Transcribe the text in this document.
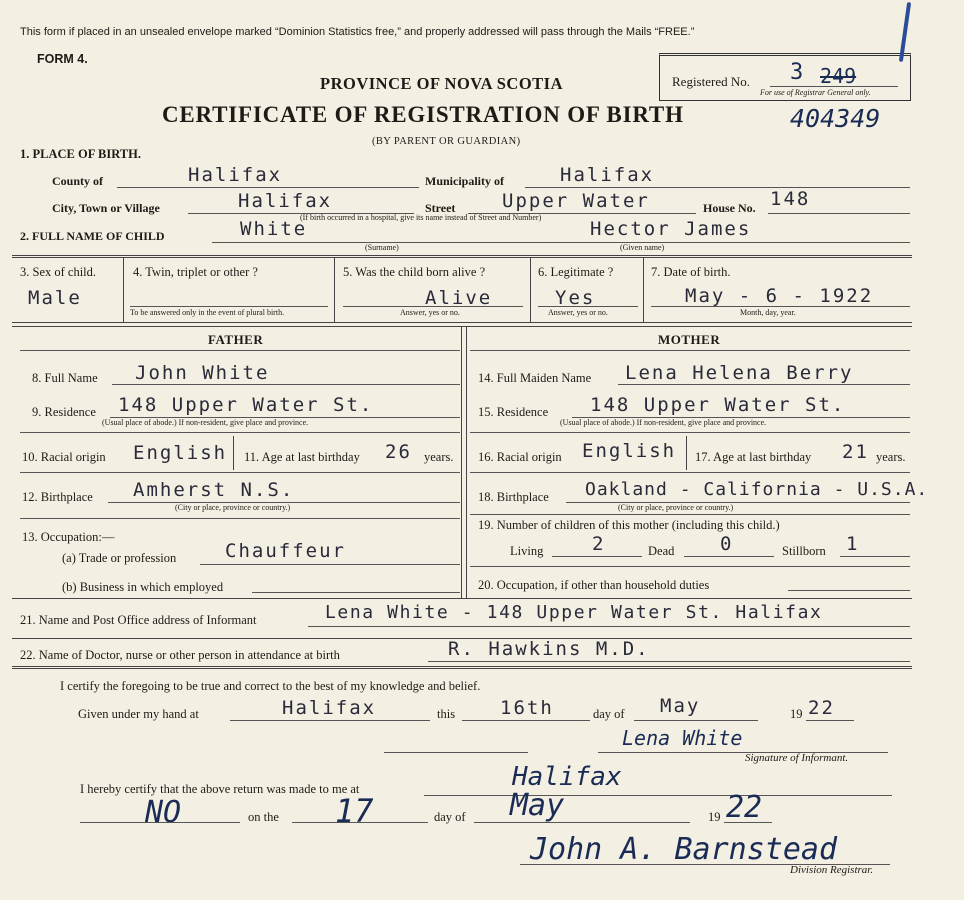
This form if placed in an unsealed envelope marked “Dominion Statistics free,” and properly addressed will pass through the Mails “FREE.”
FORM 4.
Registered No. 3 249
For use of Registrar General only.
PROVINCE OF NOVA SCOTIA
CERTIFICATE OF REGISTRATION OF BIRTH	404349
(BY PARENT OR GUARDIAN)
1. PLACE OF BIRTH.
County of	Halifax	Municipality of	Halifax
City, Town or Village	Halifax	Street Upper Water	House No. 148
(If birth occurred in a hospital, give its name instead of Street and Number)
2. FULL NAME OF CHILD	White	Hector James
(Surname)	(Given name)
3. Sex of child.
Male
4. Twin, triplet or other ?
To be answered only in the event of plural birth.
5. Was the child born alive ?
Alive
Answer, yes or no.
6. Legitimate ?
Yes
Answer, yes or no.
7. Date of birth.
May - 6 - 1922
Month, day, year.
FATHER	MOTHER
8. Full Name John White
9. Residence 148 Upper Water St.
(Usual place of abode.) If non-resident, give place and province.
10. Racial origin English 11. Age at last birthday 26 years.
12. Birthplace Amherst N.S.
(City or place, province or country.)
13. Occupation:—
(a) Trade or profession	Chauffeur
(b) Business in which employed
14. Full Maiden Name Lena Helena Berry
15. Residence 148 Upper Water St.
(Usual place of abode.) If non-resident, give place and province.
16. Racial origin English 17. Age at last birthday 21 years.
18. Birthplace Oakland - California - U.S.A.
(City or place, province or country.)
19. Number of children of this mother (including this child.)
Living	2	Dead 0	Stillborn 1
20. Occupation, if other than household duties
21. Name and Post Office address of Informant	Lena White - 148 Upper Water St. Halifax
22. Name of Doctor, nurse or other person in attendance at birth	R. Hawkins M.D.
I certify the foregoing to be true and correct to the best of my knowledge and belief.
Given under my hand at	Halifax	this 16th	day of May	19 22
Lena White
Signature of Informant.
I hereby certify that the above return was made to me at	Halifax
NO	on the 17	day of May	19 22
John A. Barnstead
Division Registrar.
